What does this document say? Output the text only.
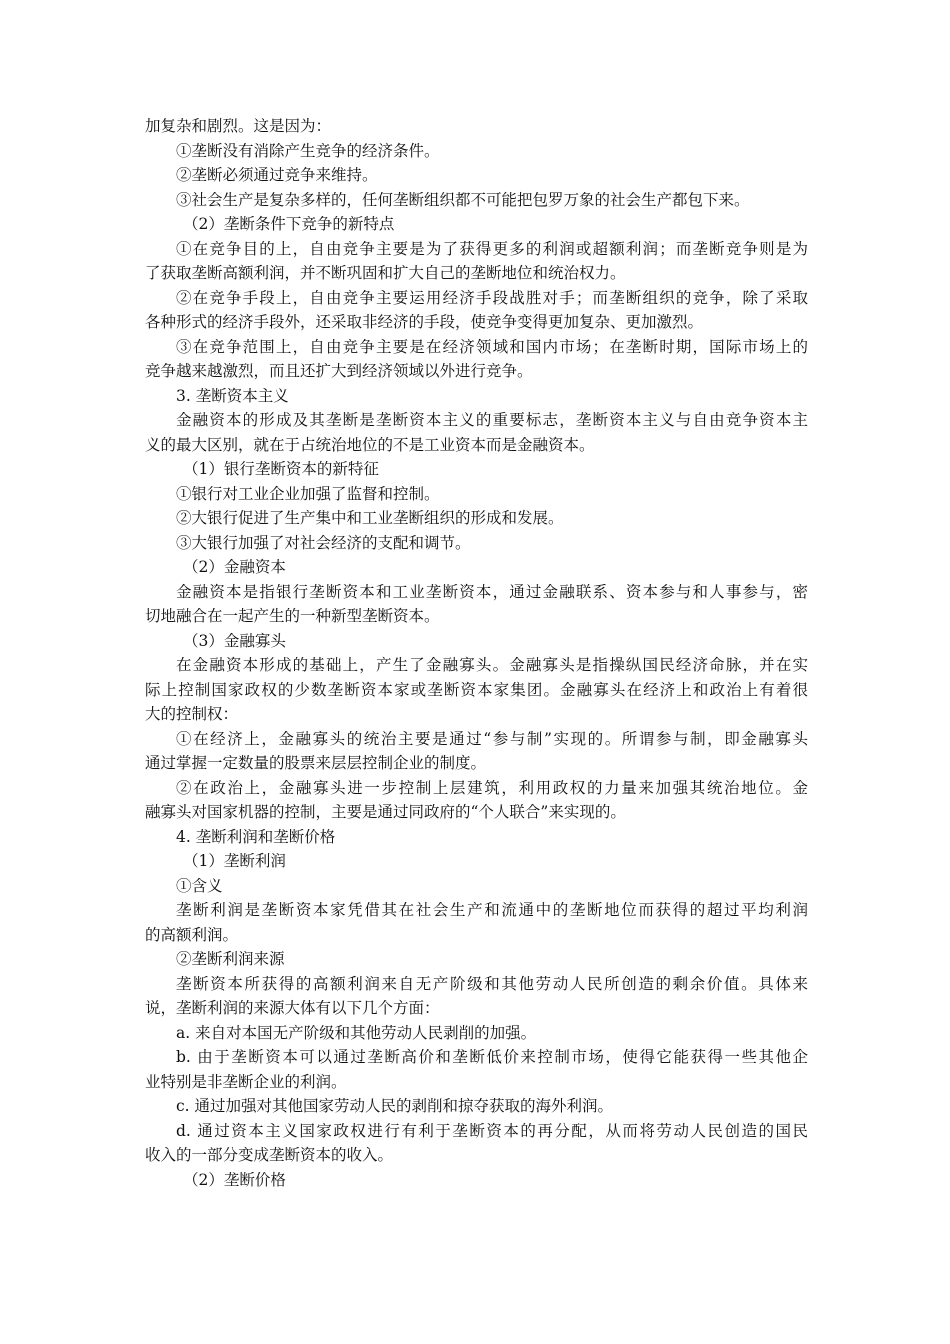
加复杂和剧烈。这是因为：
①垄断没有消除产生竞争的经济条件。
②垄断必须通过竞争来维持。
③社会生产是复杂多样的，任何垄断组织都不可能把包罗万象的社会生产都包下来。
（2）垄断条件下竞争的新特点
①在竞争目的上，自由竞争主要是为了获得更多的利润或超额利润；而垄断竞争则是为
了获取垄断高额利润，并不断巩固和扩大自己的垄断地位和统治权力。
②在竞争手段上，自由竞争主要运用经济手段战胜对手；而垄断组织的竞争，除了采取
各种形式的经济手段外，还采取非经济的手段，使竞争变得更加复杂、更加激烈。
③在竞争范围上，自由竞争主要是在经济领域和国内市场；在垄断时期，国际市场上的
竞争越来越激烈，而且还扩大到经济领域以外进行竞争。
3. 垄断资本主义
金融资本的形成及其垄断是垄断资本主义的重要标志，垄断资本主义与自由竞争资本主
义的最大区别，就在于占统治地位的不是工业资本而是金融资本。
（1）银行垄断资本的新特征
①银行对工业企业加强了监督和控制。
②大银行促进了生产集中和工业垄断组织的形成和发展。
③大银行加强了对社会经济的支配和调节。
（2）金融资本
金融资本是指银行垄断资本和工业垄断资本，通过金融联系、资本参与和人事参与，密
切地融合在一起产生的一种新型垄断资本。
（3）金融寡头
在金融资本形成的基础上，产生了金融寡头。金融寡头是指操纵国民经济命脉，并在实
际上控制国家政权的少数垄断资本家或垄断资本家集团。金融寡头在经济上和政治上有着很
大的控制权：
①在经济上，金融寡头的统治主要是通过“参与制”实现的。所谓参与制，即金融寡头
通过掌握一定数量的股票来层层控制企业的制度。
②在政治上，金融寡头进一步控制上层建筑，利用政权的力量来加强其统治地位。金
融寡头对国家机器的控制，主要是通过同政府的“个人联合”来实现的。
4. 垄断利润和垄断价格
（1）垄断利润
①含义
垄断利润是垄断资本家凭借其在社会生产和流通中的垄断地位而获得的超过平均利润
的高额利润。
②垄断利润来源
垄断资本所获得的高额利润来自无产阶级和其他劳动人民所创造的剩余价值。具体来
说，垄断利润的来源大体有以下几个方面：
a. 来自对本国无产阶级和其他劳动人民剥削的加强。
b. 由于垄断资本可以通过垄断高价和垄断低价来控制市场，使得它能获得一些其他企
业特别是非垄断企业的利润。
c. 通过加强对其他国家劳动人民的剥削和掠夺获取的海外利润。
d. 通过资本主义国家政权进行有利于垄断资本的再分配，从而将劳动人民创造的国民
收入的一部分变成垄断资本的收入。
（2）垄断价格
